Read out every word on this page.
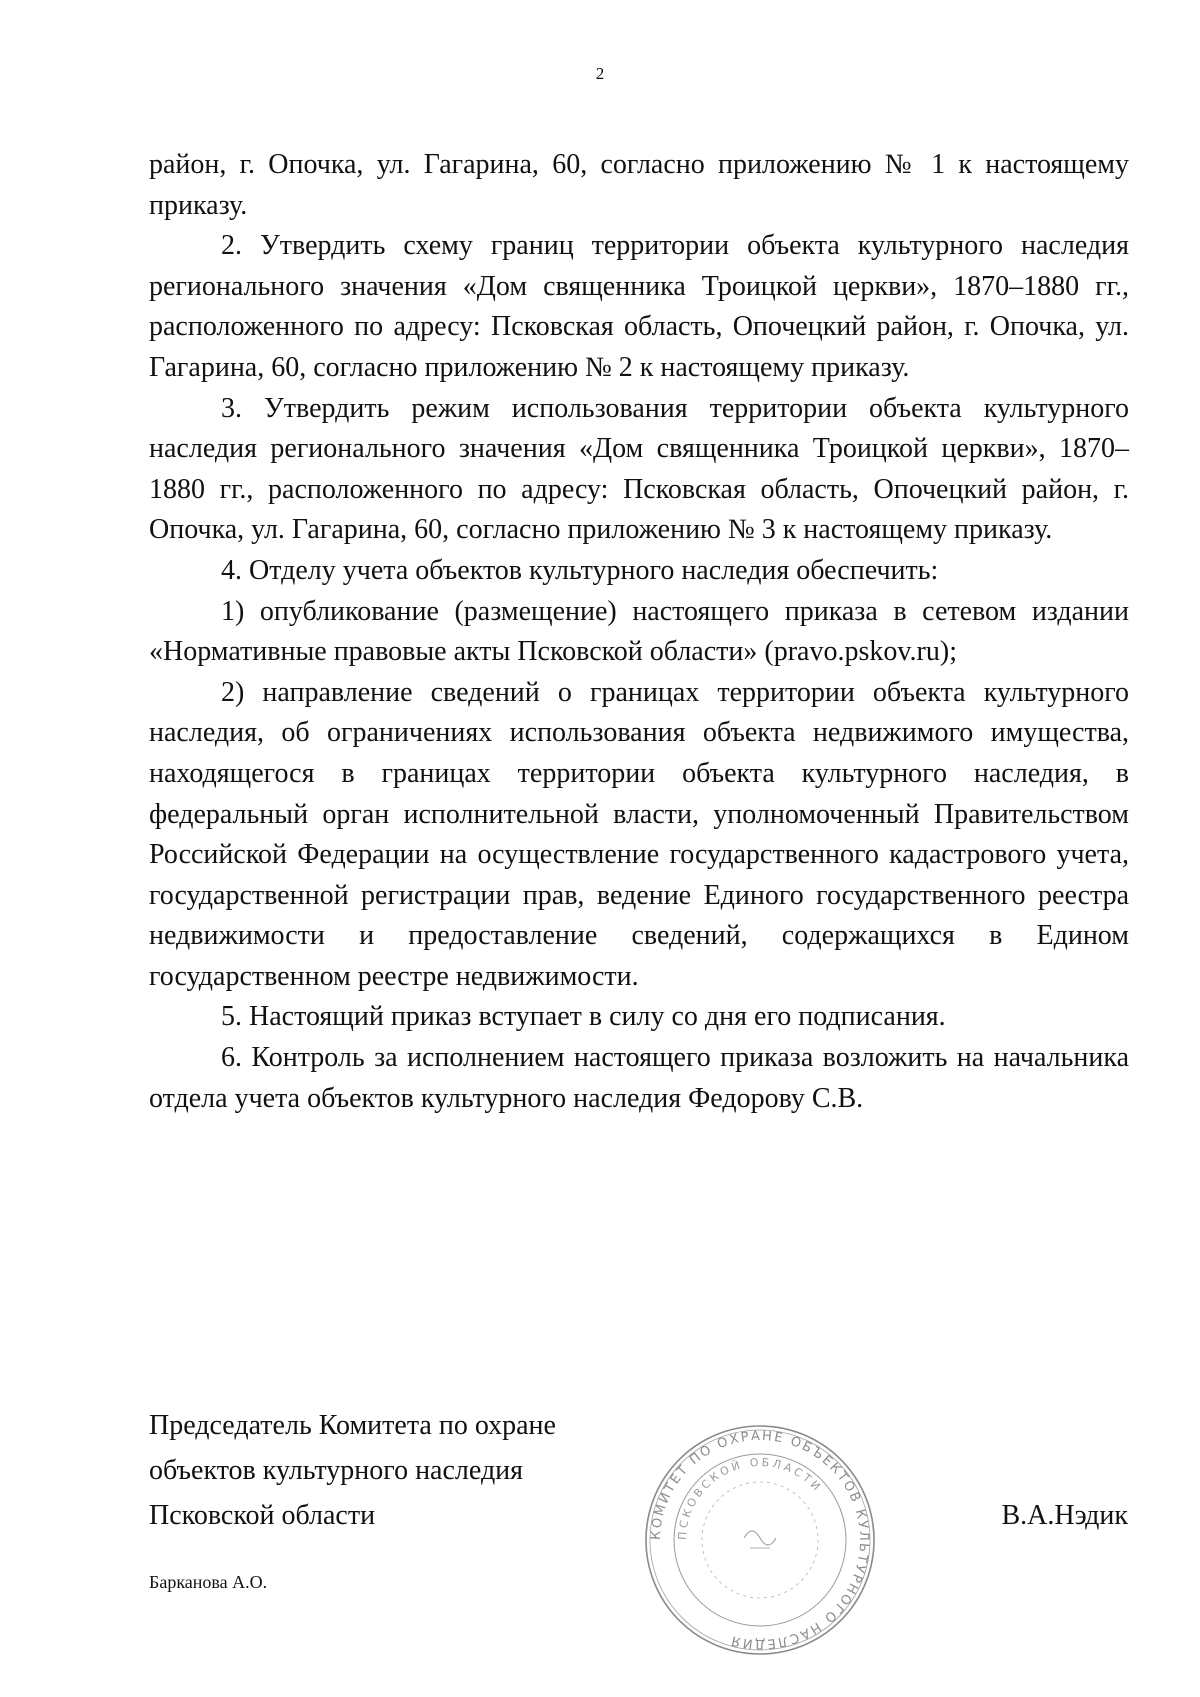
2

район, г. Опочка, ул. Гагарина, 60, согласно приложению № 1 к настоящему приказу.

2. Утвердить схему границ территории объекта культурного наследия регионального значения «Дом священника Троицкой церкви», 1870–1880 гг., расположенного по адресу: Псковская область, Опочецкий район, г. Опочка, ул. Гагарина, 60, согласно приложению № 2 к настоящему приказу.

3. Утвердить режим использования территории объекта культурного наследия регионального значения «Дом священника Троицкой церкви», 1870–1880 гг., расположенного по адресу: Псковская область, Опочецкий район, г. Опочка, ул. Гагарина, 60, согласно приложению № 3 к настоящему приказу.

4. Отделу учета объектов культурного наследия обеспечить:

1) опубликование (размещение) настоящего приказа в сетевом издании «Нормативные правовые акты Псковской области» (pravo.pskov.ru);

2) направление сведений о границах территории объекта культурного наследия, об ограничениях использования объекта недвижимого имущества, находящегося в границах территории объекта культурного наследия, в федеральный орган исполнительной власти, уполномоченный Правительством Российской Федерации на осуществление государственного кадастрового учета, государственной регистрации прав, ведение Единого государственного реестра недвижимости и предоставление сведений, содержащихся в Едином государственном реестре недвижимости.

5. Настоящий приказ вступает в силу со дня его подписания.

6. Контроль за исполнением настоящего приказа возложить на начальника отдела учета объектов культурного наследия Федорову С.В.

Председатель Комитета по охране
объектов культурного наследия
Псковской области	В.А.Нэдик
КОМИТЕТ ПО ОХРАНЕ ОБЪЕКТОВ КУЛЬТУРНОГО НАСЛЕДИЯ
ПСКОВСКОЙ ОБЛАСТИ
Барканова А.О.
